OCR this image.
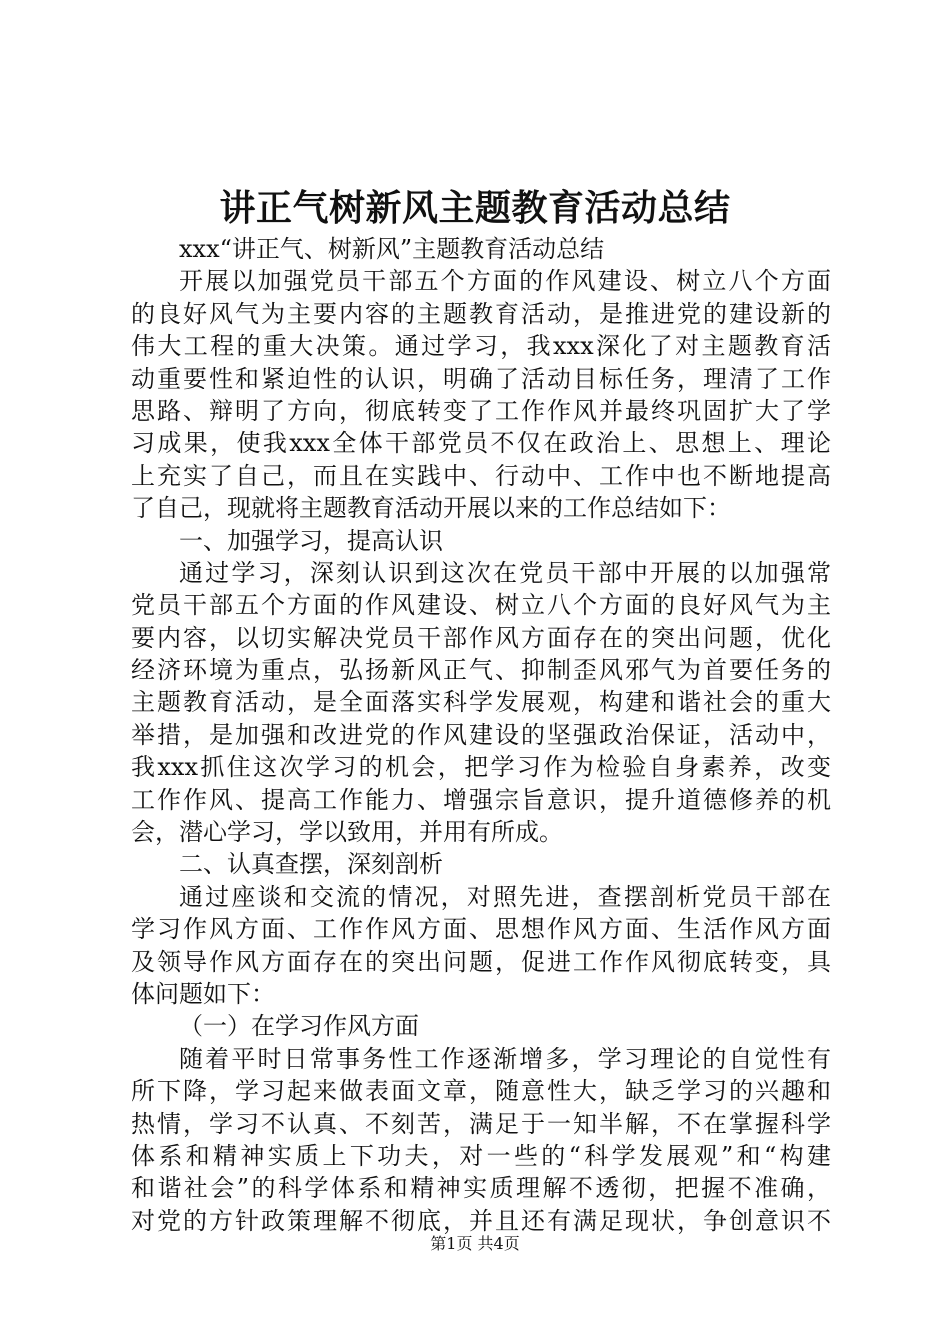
讲正气树新风主题教育活动总结
xxx“讲正气、树新风”主题教育活动总结
开展以加强党员干部五个方面的作风建设、树立八个方面
的良好风气为主要内容的主题教育活动，是推进党的建设新的
伟大工程的重大决策。通过学习，我xxx深化了对主题教育活
动重要性和紧迫性的认识，明确了活动目标任务，理清了工作
思路、辩明了方向，彻底转变了工作作风并最终巩固扩大了学
习成果，使我xxx全体干部党员不仅在政治上、思想上、理论
上充实了自己，而且在实践中、行动中、工作中也不断地提高
了自己，现就将主题教育活动开展以来的工作总结如下：
一、加强学习，提高认识
通过学习，深刻认识到这次在党员干部中开展的以加强常
党员干部五个方面的作风建设、树立八个方面的良好风气为主
要内容，以切实解决党员干部作风方面存在的突出问题，优化
经济环境为重点，弘扬新风正气、抑制歪风邪气为首要任务的
主题教育活动，是全面落实科学发展观，构建和谐社会的重大
举措，是加强和改进党的作风建设的坚强政治保证，活动中，
我xxx抓住这次学习的机会，把学习作为检验自身素养，改变
工作作风、提高工作能力、增强宗旨意识，提升道德修养的机
会，潜心学习，学以致用，并用有所成。
二、认真查摆，深刻剖析
通过座谈和交流的情况，对照先进，查摆剖析党员干部在
学习作风方面、工作作风方面、思想作风方面、生活作风方面
及领导作风方面存在的突出问题，促进工作作风彻底转变，具
体问题如下：
（一）在学习作风方面
随着平时日常事务性工作逐渐增多，学习理论的自觉性有
所下降，学习起来做表面文章，随意性大，缺乏学习的兴趣和
热情，学习不认真、不刻苦，满足于一知半解，不在掌握科学
体系和精神实质上下功夫，对一些的“科学发展观”和“构建
和谐社会”的科学体系和精神实质理解不透彻，把握不准确，
对党的方针政策理解不彻底，并且还有满足现状，争创意识不
第1页 共4页
